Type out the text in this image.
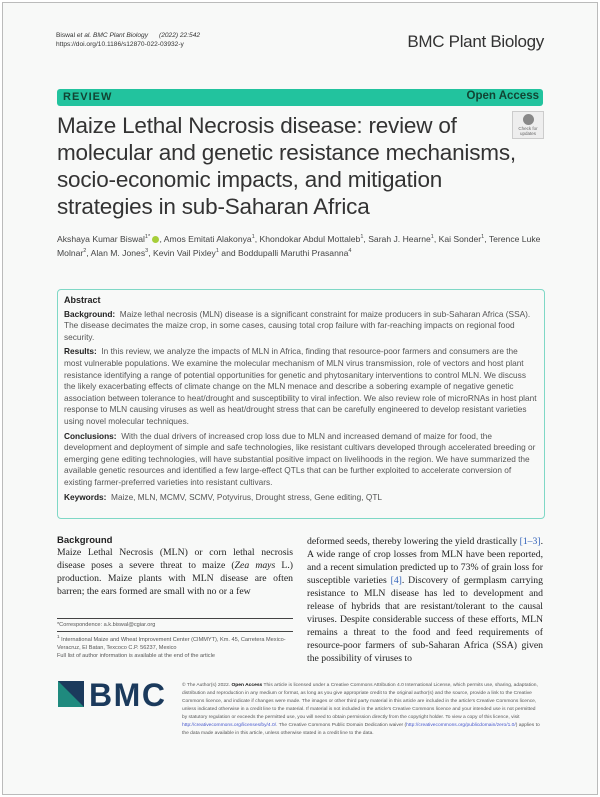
Biswal et al. BMC Plant Biology (2022) 22:542
https://doi.org/10.1186/s12870-022-03932-y	BMC Plant Biology
REVIEW	Open Access
Check for updates
Maize Lethal Necrosis disease: review of molecular and genetic resistance mechanisms, socio-economic impacts, and mitigation strategies in sub-Saharan Africa
Akshaya Kumar Biswal$^{1*}$ , Amos Emitati Alakonya$^1$, Khondokar Abdul Mottaleb$^1$, Sarah J. Hearne$^1$, Kai Sonder$^1$, Terence Luke Molnar$^2$, Alan M. Jones$^3$, Kevin Vail Pixley$^1$ and Boddupalli Maruthi Prasanna$^4$
Abstract

Background: Maize lethal necrosis (MLN) disease is a significant constraint for maize producers in sub-Saharan Africa (SSA). The disease decimates the maize crop, in some cases, causing total crop failure with far-reaching impacts on regional food security.

Results: In this review, we analyze the impacts of MLN in Africa, finding that resource-poor farmers and consumers are the most vulnerable populations. We examine the molecular mechanism of MLN virus transmission, role of vectors and host plant resistance identifying a range of potential opportunities for genetic and phytosanitary interventions to control MLN. We discuss the likely exacerbating effects of climate change on the MLN menace and describe a sobering example of negative genetic association between tolerance to heat/drought and susceptibility to viral infection. We also review role of microRNAs in host plant response to MLN causing viruses as well as heat/drought stress that can be carefully engineered to develop resistant varieties using novel molecular techniques.

Conclusions: With the dual drivers of increased crop loss due to MLN and increased demand of maize for food, the development and deployment of simple and safe technologies, like resistant cultivars developed through accelerated breeding or emerging gene editing technologies, will have substantial positive impact on livelihoods in the region. We have summarized the available genetic resources and identified a few large-effect QTLs that can be further exploited to accelerate conversion of existing farmer-preferred varieties into resistant cultivars.

Keywords: Maize, MLN, MCMV, SCMV, Potyvirus, Drought stress, Gene editing, QTL

Background
Maize Lethal Necrosis (MLN) or corn lethal necrosis disease poses a severe threat to maize (Zea mays L.) production. Maize plants with MLN disease are often barren; the ears formed are small with no or a few
deformed seeds, thereby lowering the yield drastically [1–3]. A wide range of crop losses from MLN have been reported, and a recent simulation predicted up to 73% of grain loss for susceptible varieties [4]. Discovery of germplasm carrying resistance to MLN disease has led to development and release of hybrids that are resistant/tolerant to the causal viruses. Despite considerable success of these efforts, MLN remains a threat to the food and feed requirements of resource-poor farmers of sub-Saharan Africa (SSA) given the possibility of viruses to
*Correspondence: a.k.biswal@cgiar.org
$^1$ International Maize and Wheat Improvement Center (CIMMYT), Km. 45, Carretera Mexico-Veracruz, El Batan, Texcoco C.P. 56237, Mexico
Full list of author information is available at the end of the article
BMC	© The Author(s) 2022. Open Access This article is licensed under a Creative Commons Attribution 4.0 International License, which permits use, sharing, adaptation, distribution and reproduction in any medium or format, as long as you give appropriate credit to the original author(s) and the source, provide a link to the Creative Commons licence, and indicate if changes were made. The images or other third party material in this article are included in the article's Creative Commons licence, unless indicated otherwise in a credit line to the material. If material is not included in the article's Creative Commons licence and your intended use is not permitted by statutory regulation or exceeds the permitted use, you will need to obtain permission directly from the copyright holder. To view a copy of this licence, visit http://creativecommons.org/licenses/by/4.0/. The Creative Commons Public Domain Dedication waiver (http://creativecommons.org/publicdomain/zero/1.0/) applies to the data made available in this article, unless otherwise stated in a credit line to the data.
